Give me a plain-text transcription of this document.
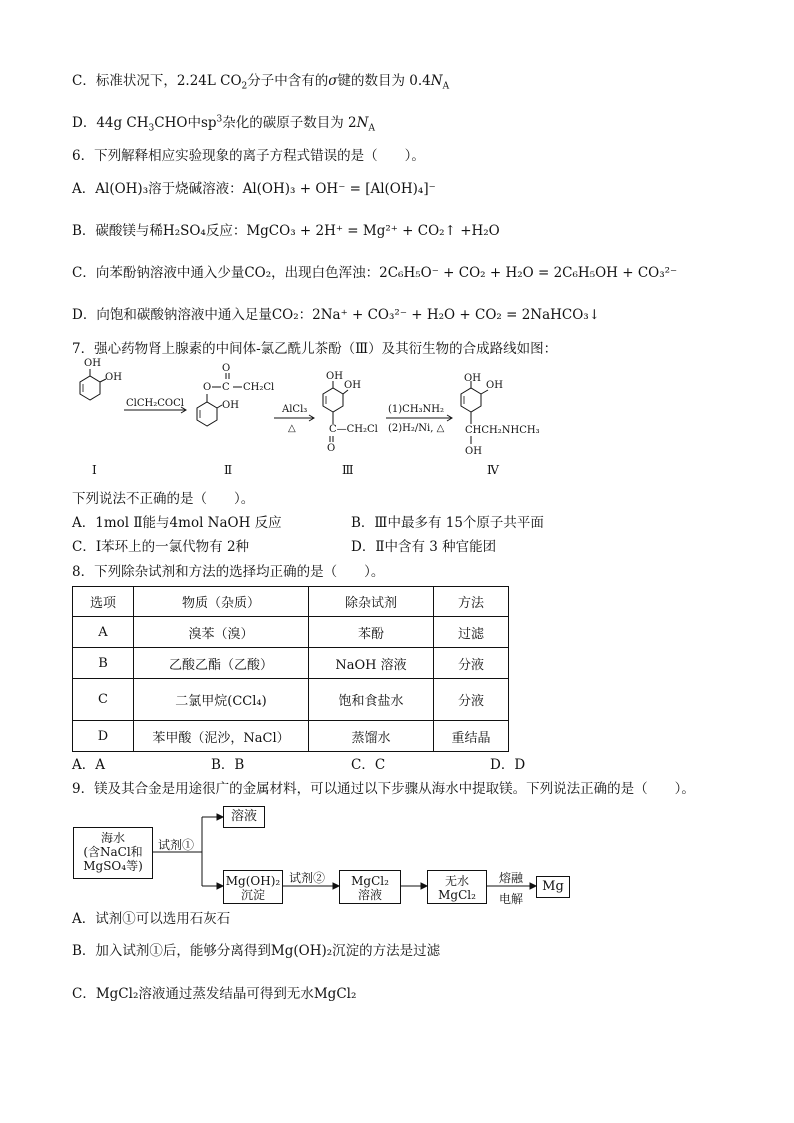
C．标准状况下，2.24L $CO_2$分子中含有的σ键的数目为 $0.4N_A$
D．44g $CH_3CHO$中$sp^3$杂化的碳原子数目为 $2N_A$
6．下列解释相应实验现象的离子方程式错误的是（　　）。
A．Al(OH)₃溶于烧碱溶液：Al(OH)₃ + OH⁻ = [Al(OH)₄]⁻
B．碳酸镁与稀H₂SO₄反应：MgCO₃ + 2H⁺ = Mg²⁺ + CO₂↑ +H₂O
C．向苯酚钠溶液中通入少量CO₂，出现白色浑浊：2C₆H₅O⁻ + CO₂ + H₂O = 2C₆H₅OH + CO₃²⁻
D．向饱和碳酸钠溶液中通入足量CO₂：2Na⁺ + CO₃²⁻ + H₂O + CO₂ = 2NaHCO₃↓
7．强心药物肾上腺素的中间体-氯乙酰儿茶酚（Ⅲ）及其衍生物的合成路线如图：
OH
OH
ClCH₂COCl
O C
O
CH₂Cl
OH	AlCl₃
△
OH
OH
C—CH₂Cl
O
(1)CH₃NH₂
(2)H₂/Ni, △
OH
OH
CHCH₂NHCH₃
OH
Ⅰ	Ⅱ	Ⅲ	Ⅳ
下列说法不正确的是（　　）。
A．1mol Ⅱ能与4mol NaOH 反应	B．Ⅲ中最多有 15个原子共平面
C．Ⅰ苯环上的一氯代物有 2种	D．Ⅱ中含有 3 种官能团
8．下列除杂试剂和方法的选择均正确的是（　　）。
选项	物质（杂质）	除杂试剂	方法
A	溴苯（溴）	苯酚	过滤
B	乙酸乙酯（乙酸）	NaOH 溶液	分液
C	二氯甲烷(CCl₄)	饱和食盐水	分液
D	苯甲酸（泥沙，NaCl）	蒸馏水	重结晶
A．A	B．B	C．C	D．D
9．镁及其合金是用途很广的金属材料，可以通过以下步骤从海水中提取镁。下列说法正确的是（　　）。
海水
(含NaCl和
MgSO₄等)
溶液
Mg(OH)₂
沉淀
MgCl₂
溶液
无水
MgCl₂
Mg
试剂①
试剂②	熔融
电解
A．试剂①可以选用石灰石
B．加入试剂①后，能够分离得到Mg(OH)₂沉淀的方法是过滤
C．MgCl₂溶液通过蒸发结晶可得到无水MgCl₂
